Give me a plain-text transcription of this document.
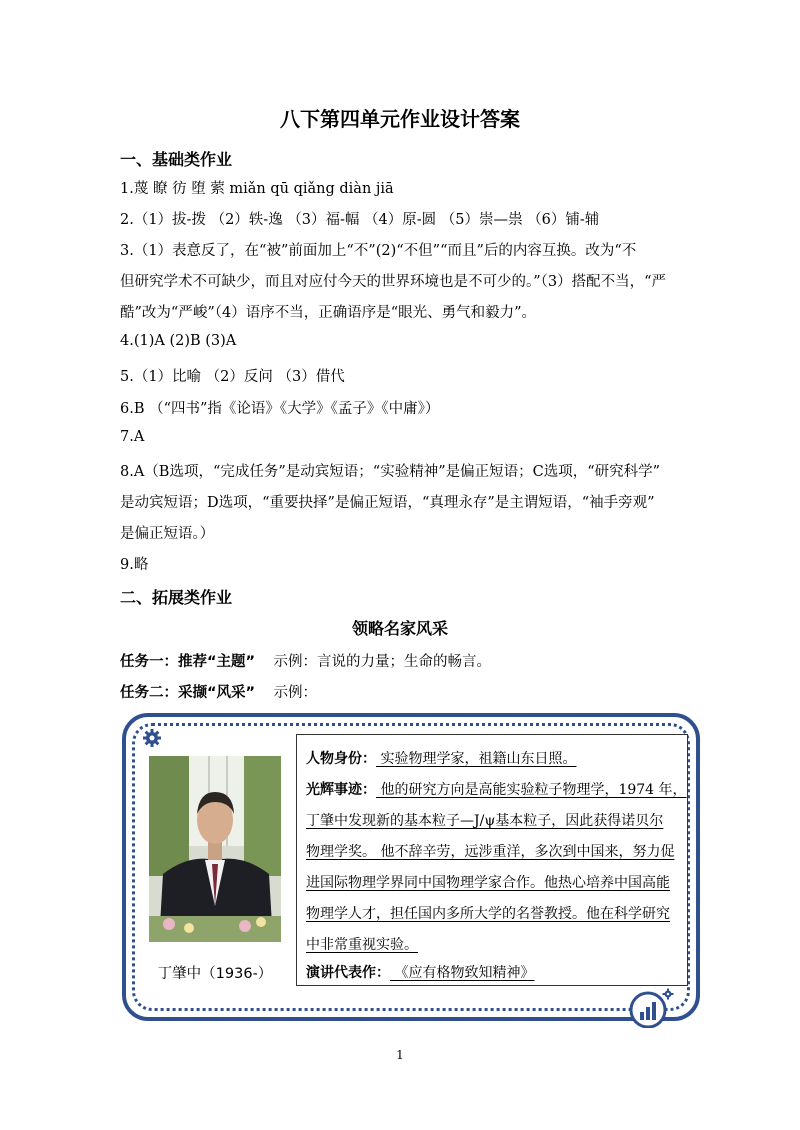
八下第四单元作业设计答案
一、基础类作业
1.蔑 瞭 彷 堕 萦 miǎn qū qiǎng diàn jiā
2.（1）拔-拨 （2）轶-逸 （3）福-幅 （4）原-圆 （5）崇—祟 （6）铺-辅
3.（1）表意反了，在“被”前面加上“不”(2)“不但”“而且”后的内容互换。改为“不
但研究学术不可缺少，而且对应付今天的世界环境也是不可少的。”（3）搭配不当，“严
酷”改为“严峻”（4）语序不当，正确语序是“眼光、勇气和毅力”。
4.(1)A (2)B (3)A
5.（1）比喻 （2）反问 （3）借代
6.B （“四书”指《论语》《大学》《孟子》《中庸》）
7.A
8.A（B选项，“完成任务”是动宾短语；“实验精神”是偏正短语；C选项，“研究科学”
是动宾短语；D选项，“重要抉择”是偏正短语，“真理永存”是主谓短语，“袖手旁观”
是偏正短语。）
9.略
二、拓展类作业
领略名家风采
任务一：推荐“主题” 示例：言说的力量；生命的畅言。
任务二：采撷“风采” 示例：
丁肇中（1936-）
人物身份： 实验物理学家，祖籍山东日照。
光辉事迹： 他的研究方向是高能实验粒子物理学，1974 年，
丁肇中发现新的基本粒子—J/ψ基本粒子，因此获得诺贝尔
物理学奖。 他不辞辛劳，远涉重洋，多次到中国来，努力促
进国际物理学界同中国物理学家合作。他热心培养中国高能
物理学人才，担任国内多所大学的名誉教授。他在科学研究
中非常重视实验。
演讲代表作： 《应有格物致知精神》
1
